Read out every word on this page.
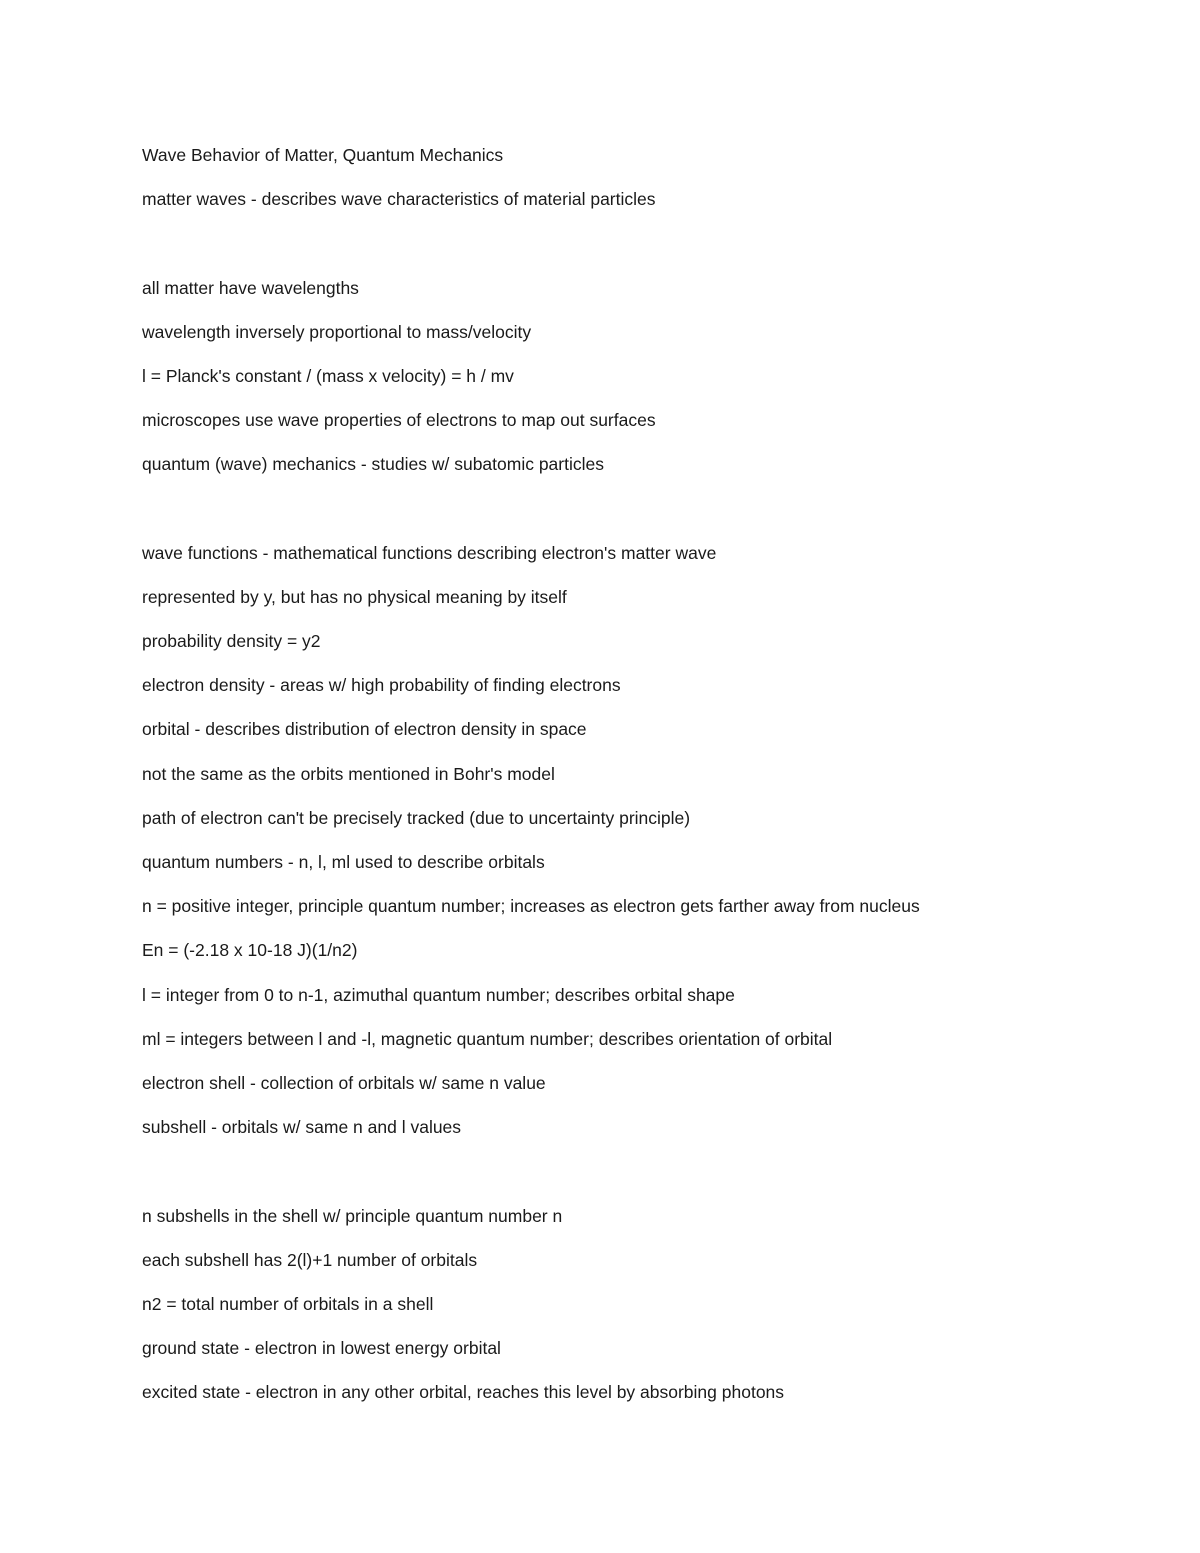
Wave Behavior of Matter, Quantum Mechanics
matter waves - describes wave characteristics of material particles
all matter have wavelengths
wavelength inversely proportional to mass/velocity
l = Planck's constant / (mass x velocity) = h / mv
microscopes use wave properties of electrons to map out surfaces
quantum (wave) mechanics - studies w/ subatomic particles
wave functions - mathematical functions describing electron's matter wave
represented by y, but has no physical meaning by itself
probability density = y2
electron density - areas w/ high probability of finding electrons
orbital - describes distribution of electron density in space
not the same as the orbits mentioned in Bohr's model
path of electron can't be precisely tracked (due to uncertainty principle)
quantum numbers - n, l, ml used to describe orbitals
n = positive integer, principle quantum number; increases as electron gets farther away from nucleus
En = (-2.18 x 10-18 J)(1/n2)
l = integer from 0 to n-1, azimuthal quantum number; describes orbital shape
ml = integers between l and -l, magnetic quantum number; describes orientation of orbital
electron shell - collection of orbitals w/ same n value
subshell - orbitals w/ same n and l values
n subshells in the shell w/ principle quantum number n
each subshell has 2(l)+1 number of orbitals
n2 = total number of orbitals in a shell
ground state - electron in lowest energy orbital
excited state - electron in any other orbital, reaches this level by absorbing photons
